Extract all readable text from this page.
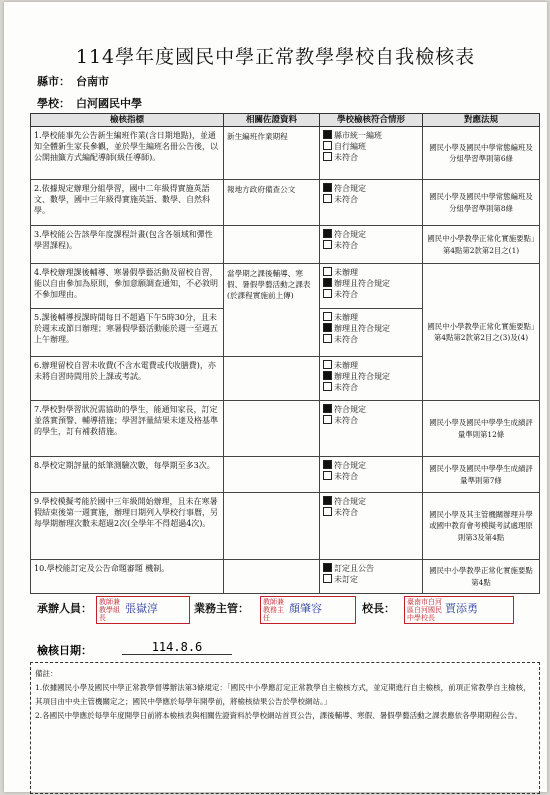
114學年度國民中學正常教學學校自我檢核表
縣市： 台南市
學校： 白河國民中學
檢核指標	相關佐證資料	學校檢核符合情形	對應法規
1.學校能事先公告新生編班作業(含日期地點)，並通知全體新生家長參觀，並於學生編班名冊公告後，以公開抽籤方式編配導師(級任導師)。	新生編班作業期程	縣市統一編班
自行編班
未符合	國民小學及國民中學常態編班及分組學習準則第6條
2.依據規定辦理分組學習，國中二年級得實施英語文、數學，國中三年級得實施英語、數學、自然科學。	報地方政府備查公文	符合規定
未符合	國民小學及國民中學常態編班及分組學習準則第8條
3.學校能公告該學年度課程計畫(包含各領域和彈性學習課程)。		符合規定
未符合	國民中小學教學正常化實施要點」第4點第2款第2目之(1)
4.學校辦理課後輔導、寒暑假學藝活動及留校自習，能以自由參加為原則，參加意願調查通知，不必敘明不參加理由。	當學期之課後輔導、寒假、暑假學藝活動之課表(於課程實施前上傳)	未辦理
辦理且符合規定
未符合	國民中小學教學正常化實施要點」第4點第2款第2目之(3)及(4)
5.課後輔導授課時間每日不超過下午5時30分，且未於週末或節日辦理；寒暑假學藝活動能於週一至週五上午辦理。		未辦理
辦理且符合規定
未符合	

6.辦理留校自習未收費(不含水電費或代收膳費)，亦未將自習時間用於上課或考試。		未辦理
辦理且符合規定
未符合	

7.學校對學習狀況需協助的學生，能通知家長，訂定並落實預警、輔導措施；學習評量結果未達及格基準的學生，訂有補救措施。		符合規定
未符合	國民小學及國民中學學生成績評量準則第12條
8.學校定期評量的紙筆測驗次數，每學期至多3次。		符合規定
未符合	國民小學及國民中學學生成績評量準則第7條
9.學校模擬考能於國中三年級開始辦理，且未在寒暑假結束後第一週實施，辦理日期列入學校行事曆，另每學期辦理次數未超過2次(全學年不得超過4次)。		符合規定
未符合	國民小學及其主管機關辦理升學或國中教育會考模擬考試處理原則第3及第4點
10.學校能訂定及公告命題審題 機制。		訂定且公告
未訂定	國民中小學教學正常化實施要點第4點
承辦人員：	教師兼教學組長張嶽淳	業務主管：	教師兼教務主任顏肇容	校長：	臺南市白河區白河國民中學校長賈添勇
檢核日期：	114.8.6

備註：

1.依據國民小學及國民中學正常教學督導辦法第3條規定：「國民中小學應訂定正常教學自主檢核方式，並定期進行自主檢核，前項正常教學自主檢核，其項目由中央主管機關定之；國民中學應於每學年開學前，將檢核結果公告於學校網站。」

2.各國民中學應於每學年度開學日前將本檢核表與相關佐證資料於學校網站首頁公告，課後輔導、寒假、暑假學藝活動之課表應依各學期期程公告。
